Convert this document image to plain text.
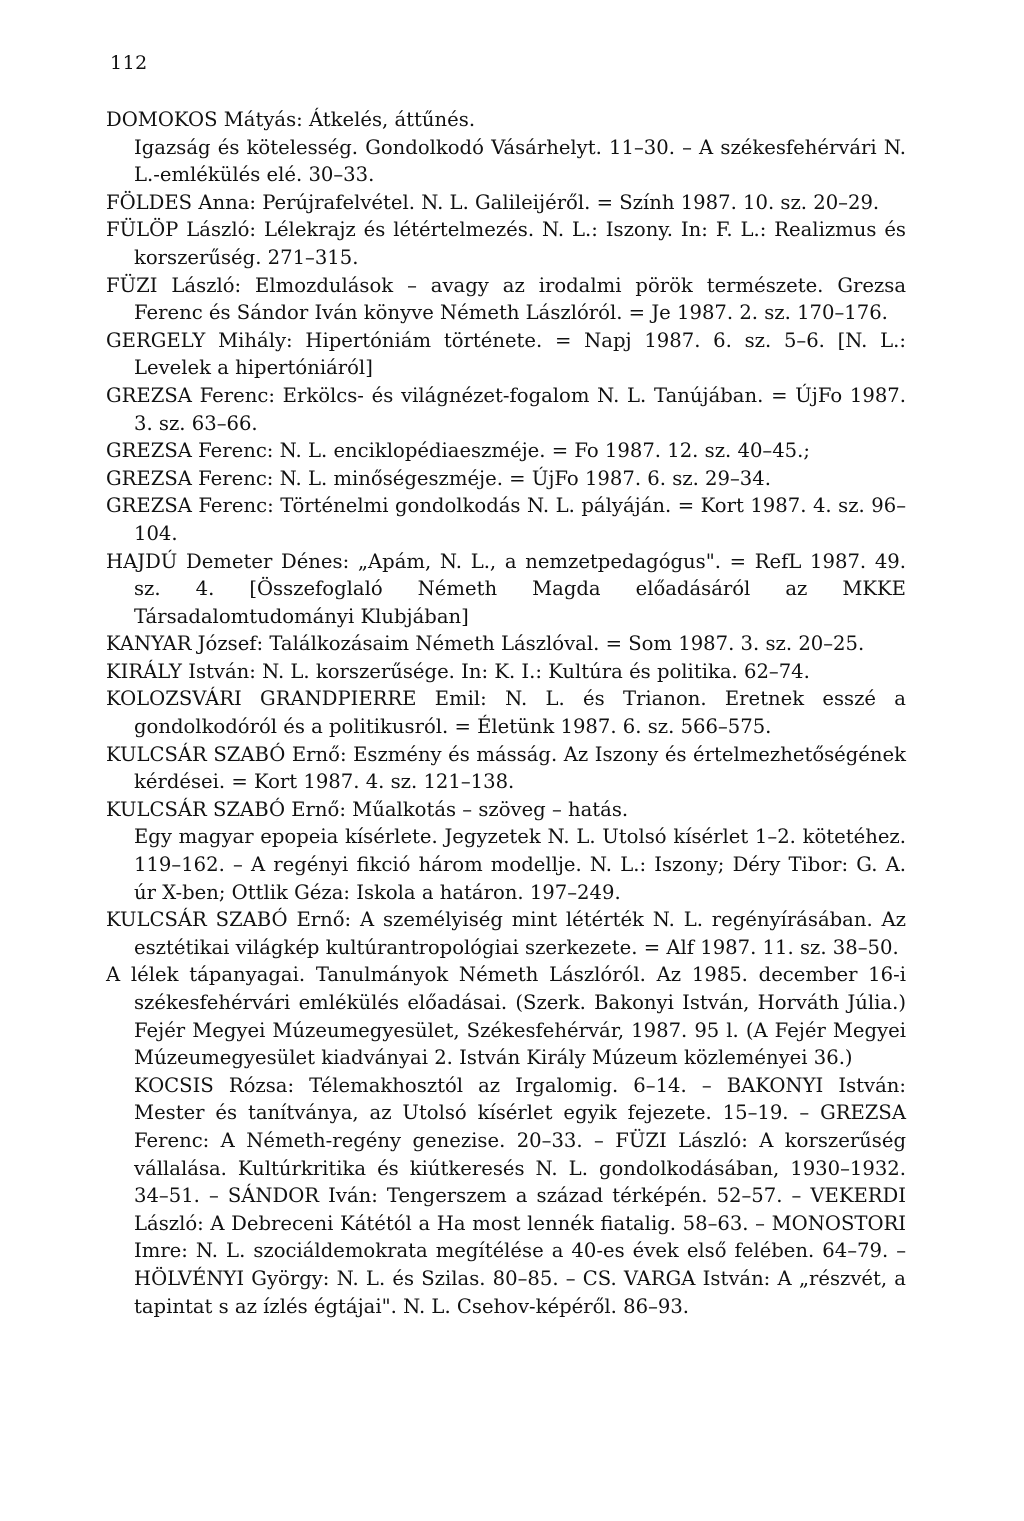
112

DOMOKOS Mátyás: Átkelés, áttűnés.

Igazság és kötelesség. Gondolkodó Vásárhelyt. 11–30. – A székesfehérvári N. L.-emlékülés elé. 30–33.

FÖLDES Anna: Perújrafelvétel. N. L. Galileijéről. = Szính 1987. 10. sz. 20–29.

FÜLÖP László: Lélekrajz és létértelmezés. N. L.: Iszony. In: F. L.: Realizmus és korszerűség. 271–315.

FÜZI László: Elmozdulások – avagy az irodalmi pörök természete. Grezsa Ferenc és Sándor Iván könyve Németh Lászlóról. = Je 1987. 2. sz. 170–176.

GERGELY Mihály: Hipertóniám története. = Napj 1987. 6. sz. 5–6. [N. L.: Levelek a hipertóniáról]

GREZSA Ferenc: Erkölcs- és világnézet-fogalom N. L. Tanújában. = ÚjFo 1987. 3. sz. 63–66.

GREZSA Ferenc: N. L. enciklopédiaeszméje. = Fo 1987. 12. sz. 40–45.;

GREZSA Ferenc: N. L. minőségeszméje. = ÚjFo 1987. 6. sz. 29–34.

GREZSA Ferenc: Történelmi gondolkodás N. L. pályáján. = Kort 1987. 4. sz. 96–104.

HAJDÚ Demeter Dénes: „Apám, N. L., a nemzetpedagógus". = RefL 1987. 49. sz. 4. [Összefoglaló Németh Magda előadásáról az MKKE Társadalomtudományi Klubjában]

KANYAR József: Találkozásaim Németh Lászlóval. = Som 1987. 3. sz. 20–25.

KIRÁLY István: N. L. korszerűsége. In: K. I.: Kultúra és politika. 62–74.

KOLOZSVÁRI GRANDPIERRE Emil: N. L. és Trianon. Eretnek esszé a gondolkodóról és a politikusról. = Életünk 1987. 6. sz. 566–575.

KULCSÁR SZABÓ Ernő: Eszmény és másság. Az Iszony és értelmezhetőségének kérdései. = Kort 1987. 4. sz. 121–138.

KULCSÁR SZABÓ Ernő: Műalkotás – szöveg – hatás.

Egy magyar epopeia kísérlete. Jegyzetek N. L. Utolsó kísérlet 1–2. kötetéhez. 119–162. – A regényi fikció három modellje. N. L.: Iszony; Déry Tibor: G. A. úr X-ben; Ottlik Géza: Iskola a határon. 197–249.

KULCSÁR SZABÓ Ernő: A személyiség mint létérték N. L. regényírásában. Az esztétikai világkép kultúrantropológiai szerkezete. = Alf 1987. 11. sz. 38–50.

A lélek tápanyagai. Tanulmányok Németh Lászlóról. Az 1985. december 16-i székesfehérvári emlékülés előadásai. (Szerk. Bakonyi István, Horváth Júlia.) Fejér Megyei Múzeumegyesület, Székesfehérvár, 1987. 95 l. (A Fejér Megyei Múzeumegyesület kiadványai 2. István Király Múzeum közleményei 36.)

KOCSIS Rózsa: Télemakhosztól az Irgalomig. 6–14. – BAKONYI István: Mester és tanítványa, az Utolsó kísérlet egyik fejezete. 15–19. – GREZSA Ferenc: A Németh-regény genezise. 20–33. – FÜZI László: A korszerűség vállalása. Kultúrkritika és kiútkeresés N. L. gondolkodásában, 1930–1932. 34–51. – SÁNDOR Iván: Tengerszem a század térképén. 52–57. – VEKERDI László: A Debreceni Kátétól a Ha most lennék fiatalig. 58–63. – MONOSTORI Imre: N. L. szociáldemokrata megítélése a 40-es évek első felében. 64–79. – HÖLVÉNYI György: N. L. és Szilas. 80–85. – CS. VARGA István: A „részvét, a tapintat s az ízlés égtájai". N. L. Csehov-képéről. 86–93.
